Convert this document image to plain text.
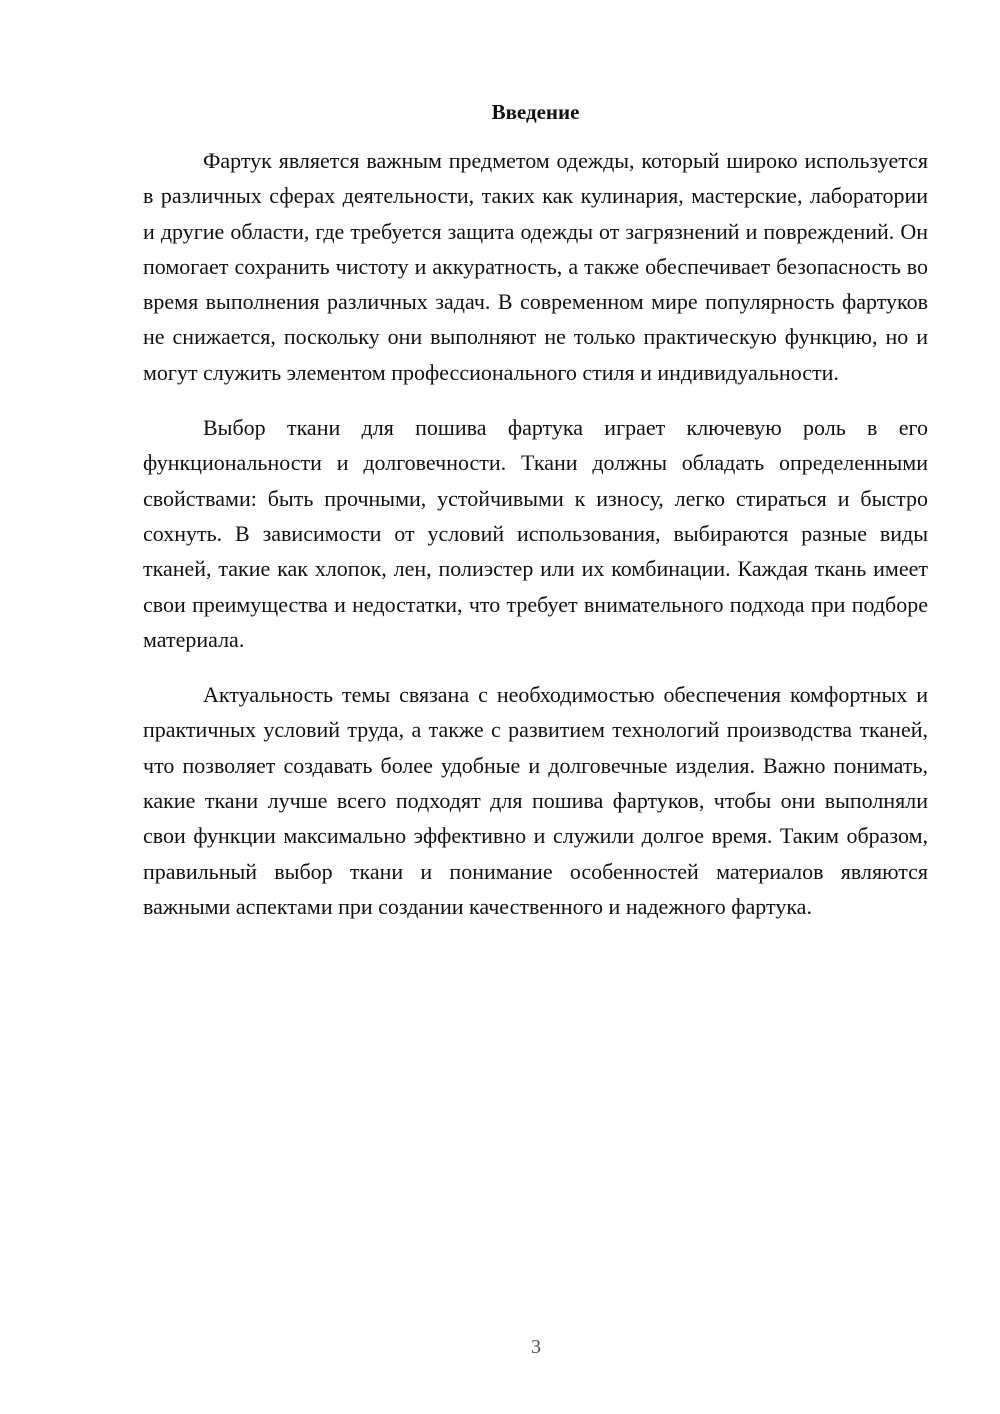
Введение

Фартук является важным предметом одежды, который широко используется в различных сферах деятельности, таких как кулинария, мастерские, лаборатории и другие области, где требуется защита одежды от загрязнений и повреждений. Он помогает сохранить чистоту и аккуратность, а также обеспечивает безопасность во время выполнения различных задач. В современном мире популярность фартуков не снижается, поскольку они выполняют не только практическую функцию, но и могут служить элементом профессионального стиля и индивидуальности.

Выбор ткани для пошива фартука играет ключевую роль в его функциональности и долговечности. Ткани должны обладать определенными свойствами: быть прочными, устойчивыми к износу, легко стираться и быстро сохнуть. В зависимости от условий использования, выбираются разные виды тканей, такие как хлопок, лен, полиэстер или их комбинации. Каждая ткань имеет свои преимущества и недостатки, что требует внимательного подхода при подборе материала.

Актуальность темы связана с необходимостью обеспечения комфортных и практичных условий труда, а также с развитием технологий производства тканей, что позволяет создавать более удобные и долговечные изделия. Важно понимать, какие ткани лучше всего подходят для пошива фартуков, чтобы они выполняли свои функции максимально эффективно и служили долгое время. Таким образом, правильный выбор ткани и понимание особенностей материалов являются важными аспектами при создании качественного и надежного фартука.

3
